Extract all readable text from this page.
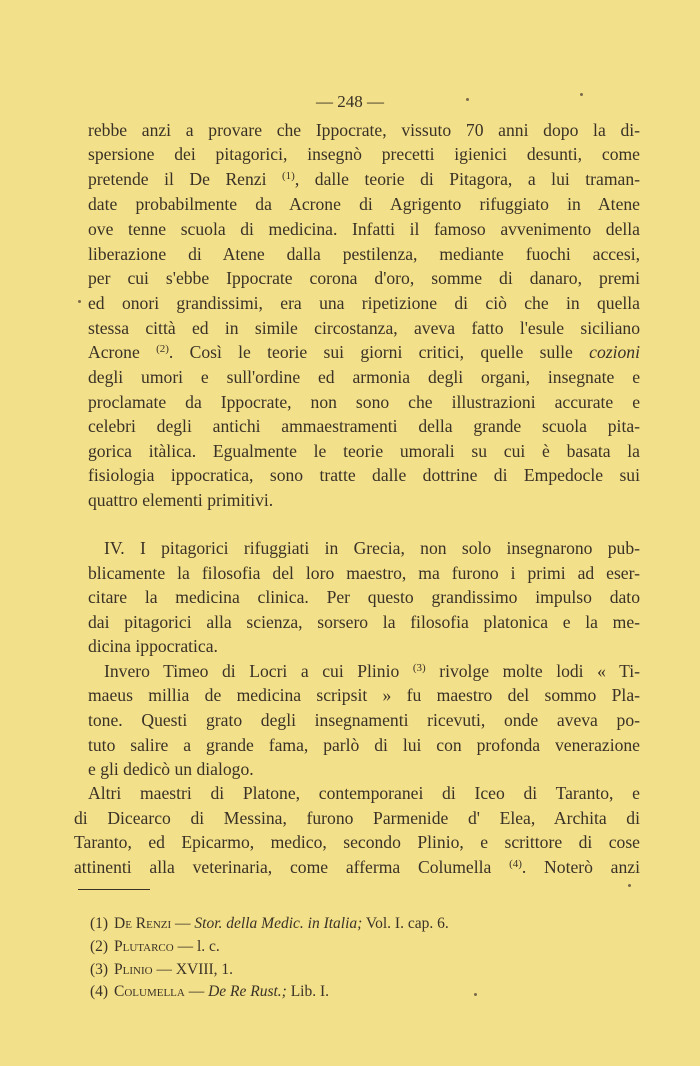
— 248 —
rebbe anzi a provare che Ippocrate, vissuto 70 anni dopo la di-
spersione dei pitagorici, insegnò precetti igienici desunti, come
pretende il De Renzi $^{(1)}$, dalle teorie di Pitagora, a lui traman-
date probabilmente da Acrone di Agrigento rifuggiato in Atene
ove tenne scuola di medicina. Infatti il famoso avvenimento della
liberazione di Atene dalla pestilenza, mediante fuochi accesi,
per cui s'ebbe Ippocrate corona d'oro, somme di danaro, premi
ed onori grandissimi, era una ripetizione di ciò che in quella
stessa città ed in simile circostanza, aveva fatto l'esule siciliano
Acrone $^{(2)}$. Così le teorie sui giorni critici, quelle sulle cozioni
degli umori e sull'ordine ed armonia degli organi, insegnate e
proclamate da Ippocrate, non sono che illustrazioni accurate e
celebri degli antichi ammaestramenti della grande scuola pita-
gorica itàlica. Egualmente le teorie umorali su cui è basata la
fisiologia ippocratica, sono tratte dalle dottrine di Empedocle sui
quattro elementi primitivi.
IV. I pitagorici rifuggiati in Grecia, non solo insegnarono pub-
blicamente la filosofia del loro maestro, ma furono i primi ad eser-
citare la medicina clinica. Per questo grandissimo impulso dato
dai pitagorici alla scienza, sorsero la filosofia platonica e la me-
dicina ippocratica.
Invero Timeo di Locri a cui Plinio $^{(3)}$ rivolge molte lodi « Ti-
maeus millia de medicina scripsit » fu maestro del sommo Pla-
tone. Questi grato degli insegnamenti ricevuti, onde aveva po-
tuto salire a grande fama, parlò di lui con profonda venerazione
e gli dedicò un dialogo.
Altri maestri di Platone, contemporanei di Iceo di Taranto, e
di Dicearco di Messina, furono Parmenide d' Elea, Archita di
Taranto, ed Epicarmo, medico, secondo Plinio, e scrittore di cose
attinenti alla veterinaria, come afferma Columella $^{(4)}$. Noterò anzi
(1) De Renzi — Stor. della Medic. in Italia; Vol. I. cap. 6.
(2) Plutarco — l. c.
(3) Plinio — XVIII, 1.
(4) Columella — De Re Rust.; Lib. I.
